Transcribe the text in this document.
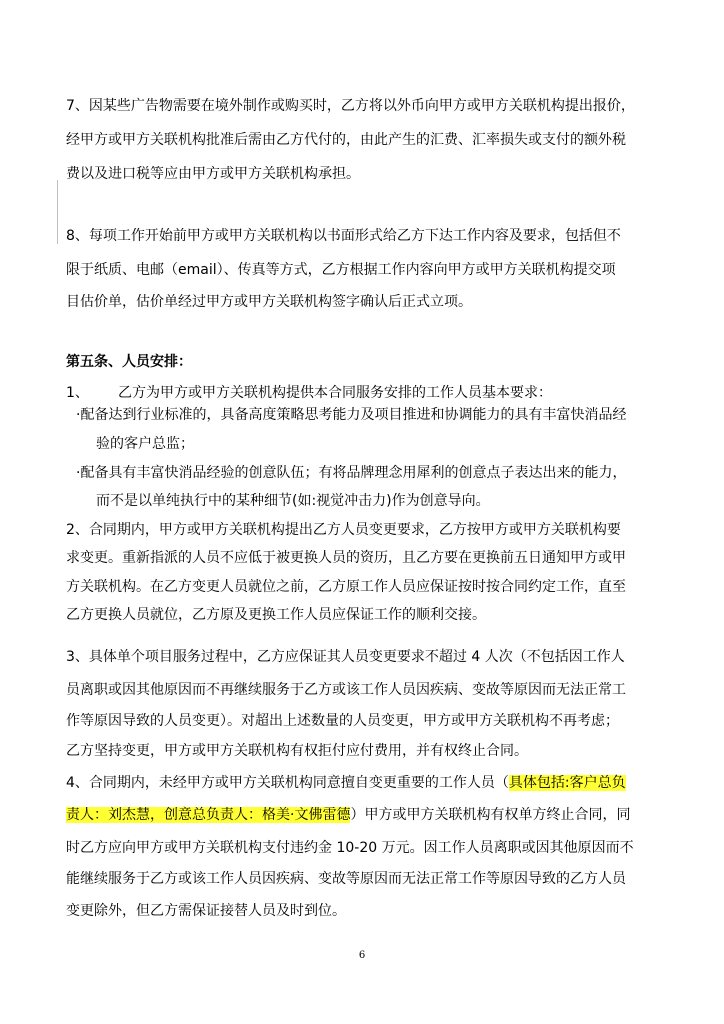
7、因某些广告物需要在境外制作或购买时，乙方将以外币向甲方或甲方关联机构提出报价，
经甲方或甲方关联机构批准后需由乙方代付的，由此产生的汇费、汇率损失或支付的额外税
费以及进口税等应由甲方或甲方关联机构承担。
8、每项工作开始前甲方或甲方关联机构以书面形式给乙方下达工作内容及要求，包括但不
限于纸质、电邮（email）、传真等方式，乙方根据工作内容向甲方或甲方关联机构提交项
目估价单，估价单经过甲方或甲方关联机构签字确认后正式立项。
第五条、人员安排：
1、 乙方为甲方或甲方关联机构提供本合同服务安排的工作人员基本要求：
·配备达到行业标准的，具备高度策略思考能力及项目推进和协调能力的具有丰富快消品经
验的客户总监；
·配备具有丰富快消品经验的创意队伍；有将品牌理念用犀利的创意点子表达出来的能力，
而不是以单纯执行中的某种细节(如:视觉冲击力)作为创意导向。
2、合同期内，甲方或甲方关联机构提出乙方人员变更要求，乙方按甲方或甲方关联机构要
求变更。重新指派的人员不应低于被更换人员的资历，且乙方要在更换前五日通知甲方或甲
方关联机构。在乙方变更人员就位之前，乙方原工作人员应保证按时按合同约定工作，直至
乙方更换人员就位，乙方原及更换工作人员应保证工作的顺利交接。
3、具体单个项目服务过程中，乙方应保证其人员变更要求不超过 4 人次（不包括因工作人
员离职或因其他原因而不再继续服务于乙方或该工作人员因疾病、变故等原因而无法正常工
作等原因导致的人员变更）。对超出上述数量的人员变更，甲方或甲方关联机构不再考虑；
乙方坚持变更，甲方或甲方关联机构有权拒付应付费用，并有权终止合同。
4、合同期内，未经甲方或甲方关联机构同意擅自变更重要的工作人员（具体包括:客户总负
责人：刘杰慧，创意总负责人：格美·文佛雷德）甲方或甲方关联机构有权单方终止合同，同
时乙方应向甲方或甲方关联机构支付违约金 10-20 万元。因工作人员离职或因其他原因而不
能继续服务于乙方或该工作人员因疾病、变故等原因而无法正常工作等原因导致的乙方人员
变更除外，但乙方需保证接替人员及时到位。
6
